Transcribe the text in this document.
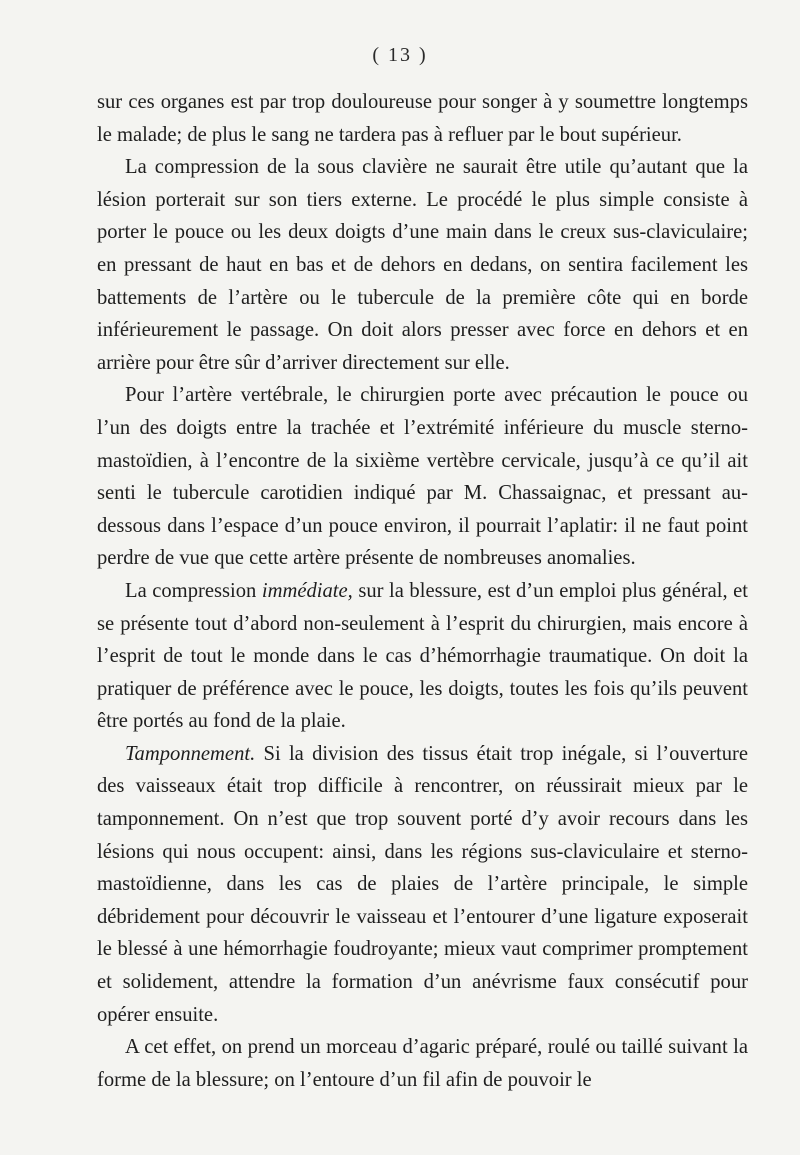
( 13 )

sur ces organes est par trop douloureuse pour songer à y soumettre longtemps le malade; de plus le sang ne tardera pas à refluer par le bout supérieur.

La compression de la sous clavière ne saurait être utile qu’autant que la lésion porterait sur son tiers externe. Le procédé le plus simple consiste à porter le pouce ou les deux doigts d’une main dans le creux sus-claviculaire; en pressant de haut en bas et de dehors en dedans, on sentira facilement les battements de l’artère ou le tubercule de la première côte qui en borde inférieurement le passage. On doit alors presser avec force en dehors et en arrière pour être sûr d’arriver directement sur elle.

Pour l’artère vertébrale, le chirurgien porte avec précaution le pouce ou l’un des doigts entre la trachée et l’extrémité inférieure du muscle sterno-mastoïdien, à l’encontre de la sixième vertèbre cervicale, jusqu’à ce qu’il ait senti le tubercule carotidien indiqué par M. Chassaignac, et pressant au-dessous dans l’espace d’un pouce environ, il pourrait l’aplatir: il ne faut point perdre de vue que cette artère présente de nombreuses anomalies.

La compression immédiate, sur la blessure, est d’un emploi plus général, et se présente tout d’abord non-seulement à l’esprit du chirurgien, mais encore à l’esprit de tout le monde dans le cas d’hémorrhagie traumatique. On doit la pratiquer de préférence avec le pouce, les doigts, toutes les fois qu’ils peuvent être portés au fond de la plaie.

Tamponnement. Si la division des tissus était trop inégale, si l’ouverture des vaisseaux était trop difficile à rencontrer, on réussirait mieux par le tamponnement. On n’est que trop souvent porté d’y avoir recours dans les lésions qui nous occupent: ainsi, dans les régions sus-claviculaire et sterno-mastoïdienne, dans les cas de plaies de l’artère principale, le simple débridement pour découvrir le vaisseau et l’entourer d’une ligature exposerait le blessé à une hémorrhagie foudroyante; mieux vaut comprimer promptement et solidement, attendre la formation d’un anévrisme faux consécutif pour opérer ensuite.

A cet effet, on prend un morceau d’agaric préparé, roulé ou taillé suivant la forme de la blessure; on l’entoure d’un fil afin de pouvoir le
